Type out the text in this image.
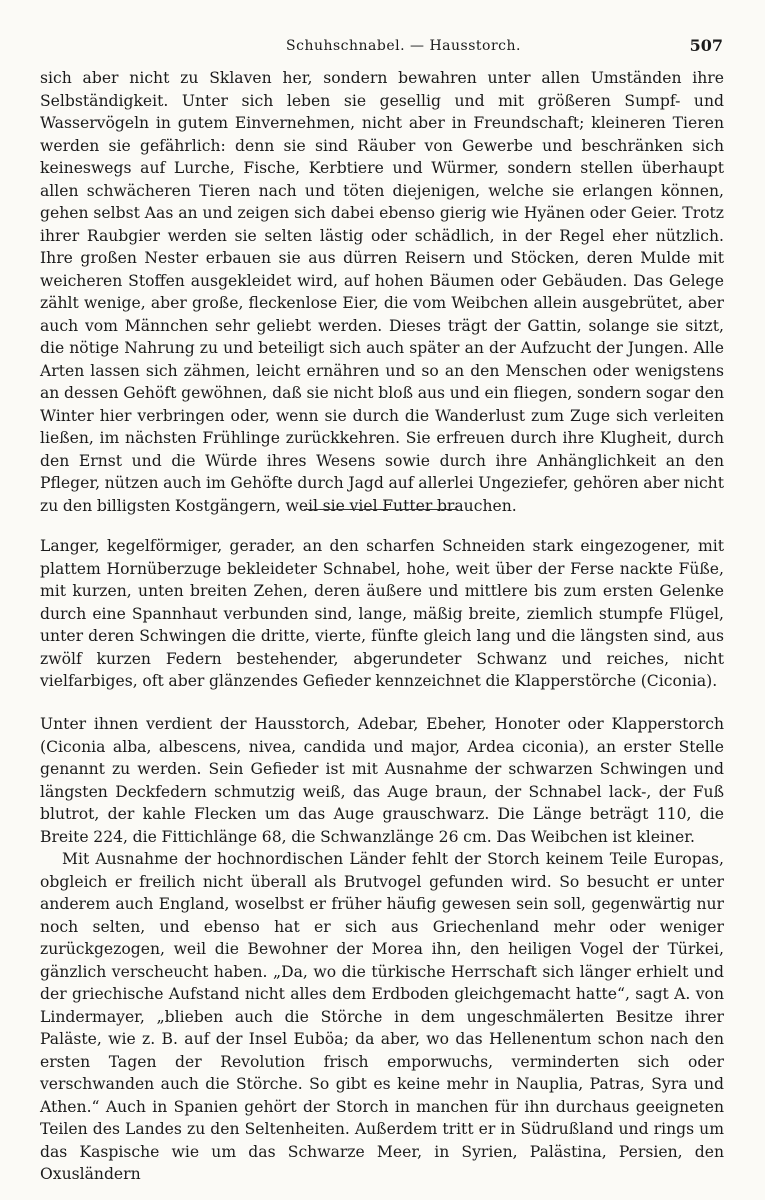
Schuhschnabel. — Hausstorch.	507

sich aber nicht zu Sklaven her, sondern bewahren unter allen Umständen ihre Selbständigkeit. Unter sich leben sie gesellig und mit größeren Sumpf- und Wasservögeln in gutem Einvernehmen, nicht aber in Freundschaft; kleineren Tieren werden sie gefährlich: denn sie sind Räuber von Gewerbe und beschränken sich keineswegs auf Lurche, Fische, Kerbtiere und Würmer, sondern stellen überhaupt allen schwächeren Tieren nach und töten diejenigen, welche sie erlangen können, gehen selbst Aas an und zeigen sich dabei ebenso gierig wie Hyänen oder Geier. Trotz ihrer Raubgier werden sie selten lästig oder schädlich, in der Regel eher nützlich. Ihre großen Nester erbauen sie aus dürren Reisern und Stöcken, deren Mulde mit weicheren Stoffen ausgekleidet wird, auf hohen Bäumen oder Gebäuden. Das Gelege zählt wenige, aber große, fleckenlose Eier, die vom Weibchen allein ausgebrütet, aber auch vom Männchen sehr geliebt werden. Dieses trägt der Gattin, solange sie sitzt, die nötige Nahrung zu und beteiligt sich auch später an der Aufzucht der Jungen. Alle Arten lassen sich zähmen, leicht ernähren und so an den Menschen oder wenigstens an dessen Gehöft gewöhnen, daß sie nicht bloß aus und ein fliegen, sondern sogar den Winter hier verbringen oder, wenn sie durch die Wanderlust zum Zuge sich verleiten ließen, im nächsten Frühlinge zurückkehren. Sie erfreuen durch ihre Klugheit, durch den Ernst und die Würde ihres Wesens sowie durch ihre Anhänglichkeit an den Pfleger, nützen auch im Gehöfte durch Jagd auf allerlei Ungeziefer, gehören aber nicht zu den billigsten Kostgängern, weil sie viel Futter brauchen.

Langer, kegelförmiger, gerader, an den scharfen Schneiden stark eingezogener, mit plattem Hornüberzuge bekleideter Schnabel, hohe, weit über der Ferse nackte Füße, mit kurzen, unten breiten Zehen, deren äußere und mittlere bis zum ersten Gelenke durch eine Spannhaut verbunden sind, lange, mäßig breite, ziemlich stumpfe Flügel, unter deren Schwingen die dritte, vierte, fünfte gleich lang und die längsten sind, aus zwölf kurzen Federn bestehender, abgerundeter Schwanz und reiches, nicht vielfarbiges, oft aber glänzendes Gefieder kennzeichnet die Klapperstörche (Ciconia).

Unter ihnen verdient der Hausstorch, Adebar, Ebeher, Honoter oder Klapperstorch (Ciconia alba, albescens, nivea, candida und major, Ardea ciconia), an erster Stelle genannt zu werden. Sein Gefieder ist mit Ausnahme der schwarzen Schwingen und längsten Deckfedern schmutzig weiß, das Auge braun, der Schnabel lack-, der Fuß blutrot, der kahle Flecken um das Auge grauschwarz. Die Länge beträgt 110, die Breite 224, die Fittichlänge 68, die Schwanzlänge 26 cm. Das Weibchen ist kleiner.

Mit Ausnahme der hochnordischen Länder fehlt der Storch keinem Teile Europas, obgleich er freilich nicht überall als Brutvogel gefunden wird. So besucht er unter anderem auch England, woselbst er früher häufig gewesen sein soll, gegenwärtig nur noch selten, und ebenso hat er sich aus Griechenland mehr oder weniger zurückgezogen, weil die Bewohner der Morea ihn, den heiligen Vogel der Türkei, gänzlich verscheucht haben. „Da, wo die türkische Herrschaft sich länger erhielt und der griechische Aufstand nicht alles dem Erdboden gleichgemacht hatte“, sagt A. von Lindermayer, „blieben auch die Störche in dem ungeschmälerten Besitze ihrer Paläste, wie z. B. auf der Insel Euböa; da aber, wo das Hellenentum schon nach den ersten Tagen der Revolution frisch emporwuchs, verminderten sich oder verschwanden auch die Störche. So gibt es keine mehr in Nauplia, Patras, Syra und Athen.“ Auch in Spanien gehört der Storch in manchen für ihn durchaus geeigneten Teilen des Landes zu den Seltenheiten. Außerdem tritt er in Südrußland und rings um das Kaspische wie um das Schwarze Meer, in Syrien, Palästina, Persien, den Oxusländern
